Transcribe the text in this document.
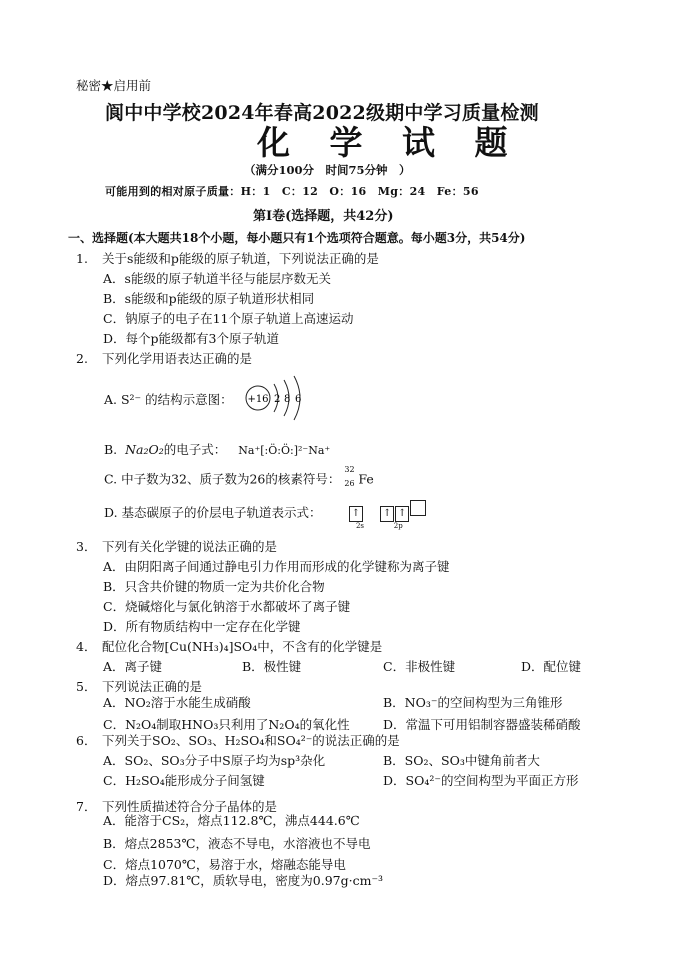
秘密★启用前
阆中中学校2024年春高2022级期中学习质量检测
化 学 试 题
（满分100分　时间75分钟　）
可能用到的相对原子质量：H：1　C：12　O：16　Mg：24　Fe：56
第Ⅰ卷(选择题，共42分)
一、选择题(本大题共18个小题，每小题只有1个选项符合题意。每小题3分，共54分)
1. 关于s能级和p能级的原子轨道，下列说法正确的是
A．s能级的原子轨道半径与能层序数无关
B．s能级和p能级的原子轨道形状相同
C．钠原子的电子在11个原子轨道上高速运动
D．每个p能级都有3个原子轨道
2. 下列化学用语表达正确的是
A. S²⁻ 的结构示意图： +16 2 8 6
B.  Na₂O₂的电子式： Na⁺[:Ö:Ö:]²⁻Na⁺
C. 中子数为32、质子数为26的核素符号：
32
26 Fe
D. 基态碳原子的价层电子轨道表示式：	↑ ↑ ↑
2s	2p
3． 下列有关化学键的说法正确的是
A．由阴阳离子间通过静电引力作用而形成的化学键称为离子键
B．只含共价键的物质一定为共价化合物
C．烧碱熔化与氯化钠溶于水都破坏了离子键
D．所有物质结构中一定存在化学键
4． 配位化合物[Cu(NH₃)₄]SO₄中，不含有的化学键是
A．离子键	B．极性键	C．非极性键	D．配位键
5． 下列说法正确的是
A．NO₂溶于水能生成硝酸	B．NO₃⁻的空间构型为三角锥形
C．N₂O₄制取HNO₃只利用了N₂O₄的氧化性	D．常温下可用铝制容器盛装稀硝酸
6． 下列关于SO₂、SO₃、H₂SO₄和SO₄²⁻的说法正确的是
A．SO₂、SO₃分子中S原子均为sp³杂化	B．SO₂、SO₃中键角前者大
C．H₂SO₄能形成分子间氢键	D．SO₄²⁻的空间构型为平面正方形
7． 下列性质描述符合分子晶体的是
A．能溶于CS₂，熔点112.8℃，沸点444.6℃
B．熔点2853℃，液态不导电，水溶液也不导电
C．熔点1070℃，易溶于水，熔融态能导电
D．熔点97.81℃，质软导电，密度为0.97g·cm⁻³
